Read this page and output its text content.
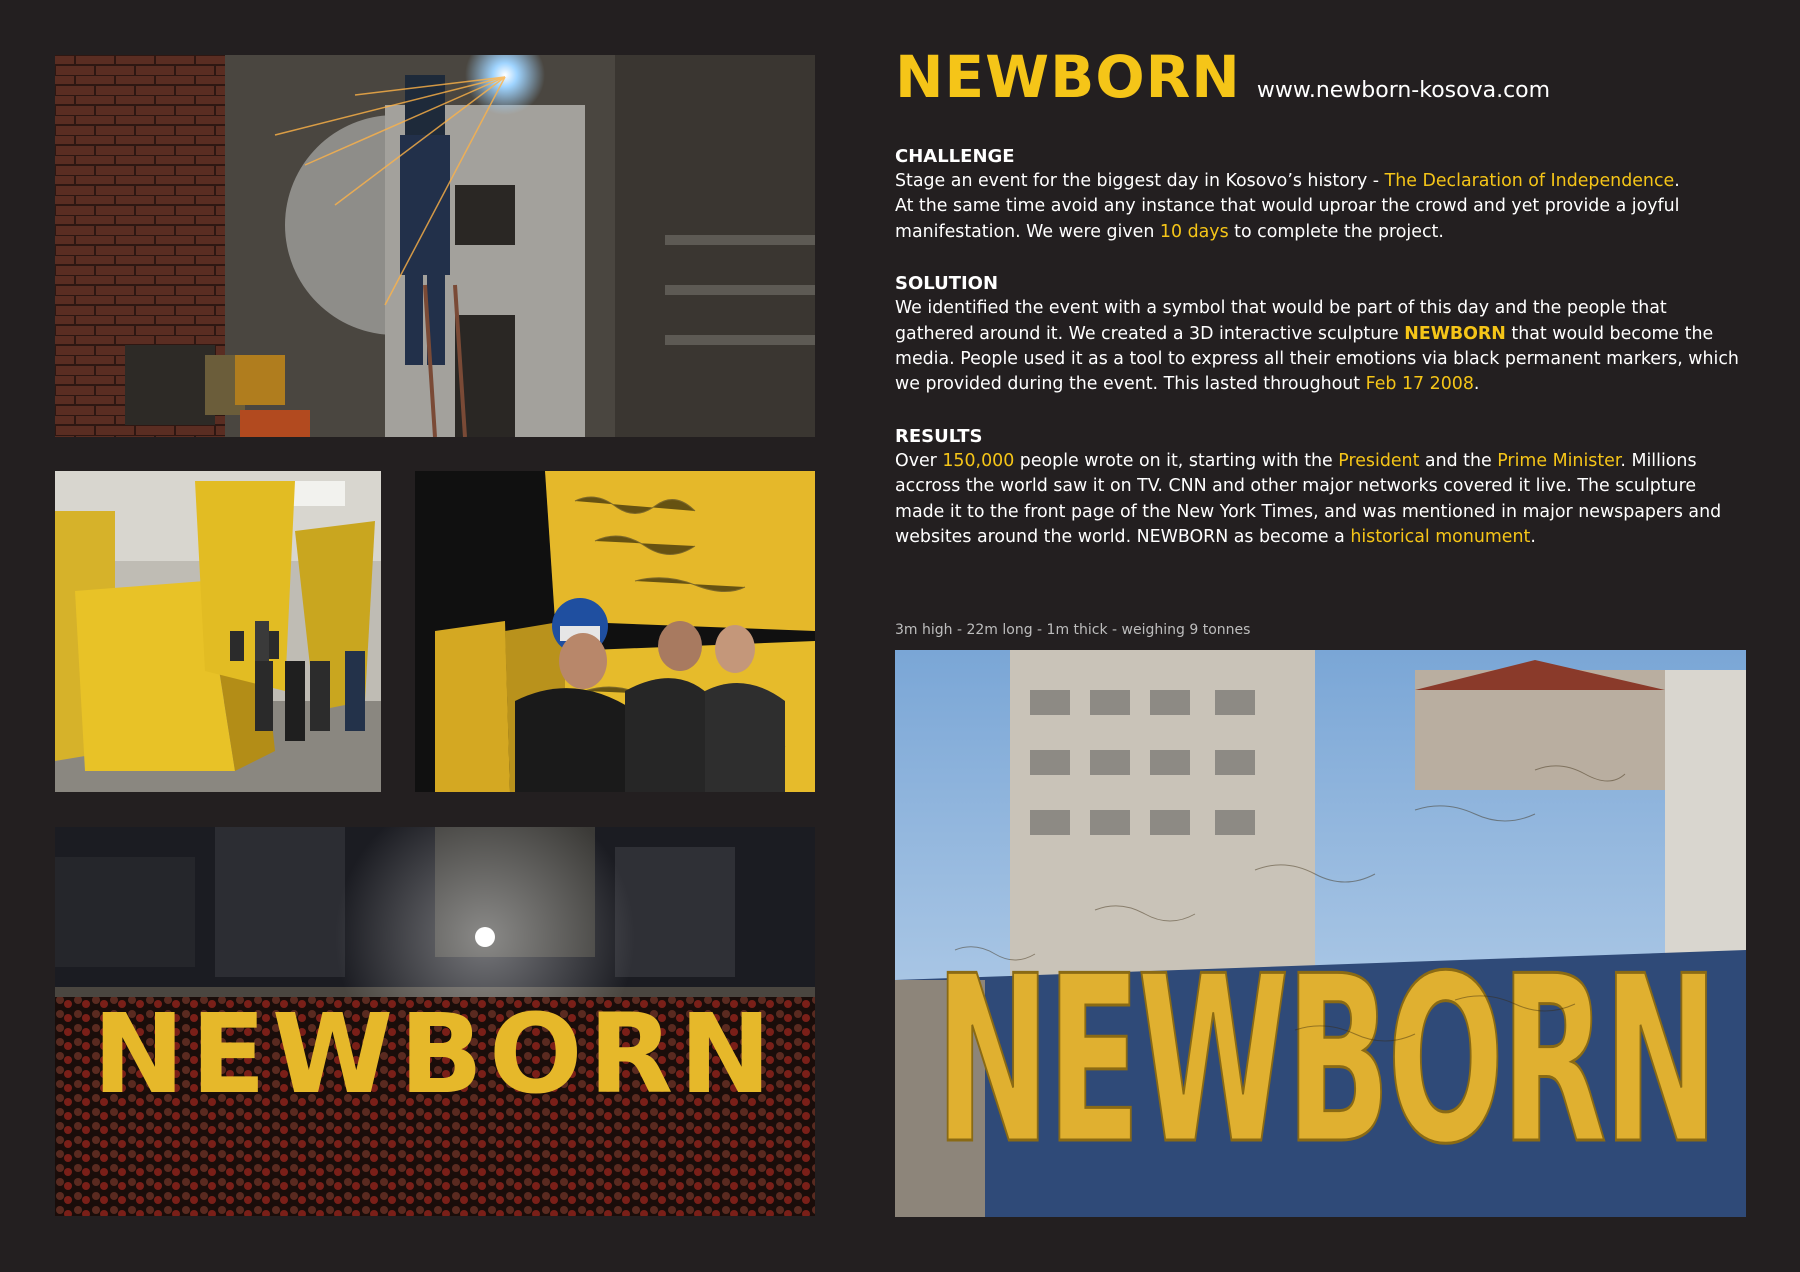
NEWBORN NEWBORN
NEWBORN www.newborn-kosova.com
CHALLENGE
Stage an event for the biggest day in Kosovo’s history - The Declaration of Independence.
At the same time avoid any instance that would uproar the crowd and yet provide a joyful manifestation. We were given 10 days to complete the project.
SOLUTION
We identified the event with a symbol that would be part of this day and the people that gathered around it. We created a 3D interactive sculpture NEWBORN that would become the media. People used it as a tool to express all their emotions via black permanent markers, which we provided during the event. This lasted throughout Feb 17 2008.
RESULTS
Over 150,000 people wrote on it, starting with the President and the Prime Minister. Millions accross the world saw it on TV. CNN and other major networks covered it live. The sculpture made it to the front page of the New York Times, and was mentioned in major newspapers and websites around the world. NEWBORN as become a historical monument.
3m high - 22m long - 1m thick - weighing 9 tonnes
